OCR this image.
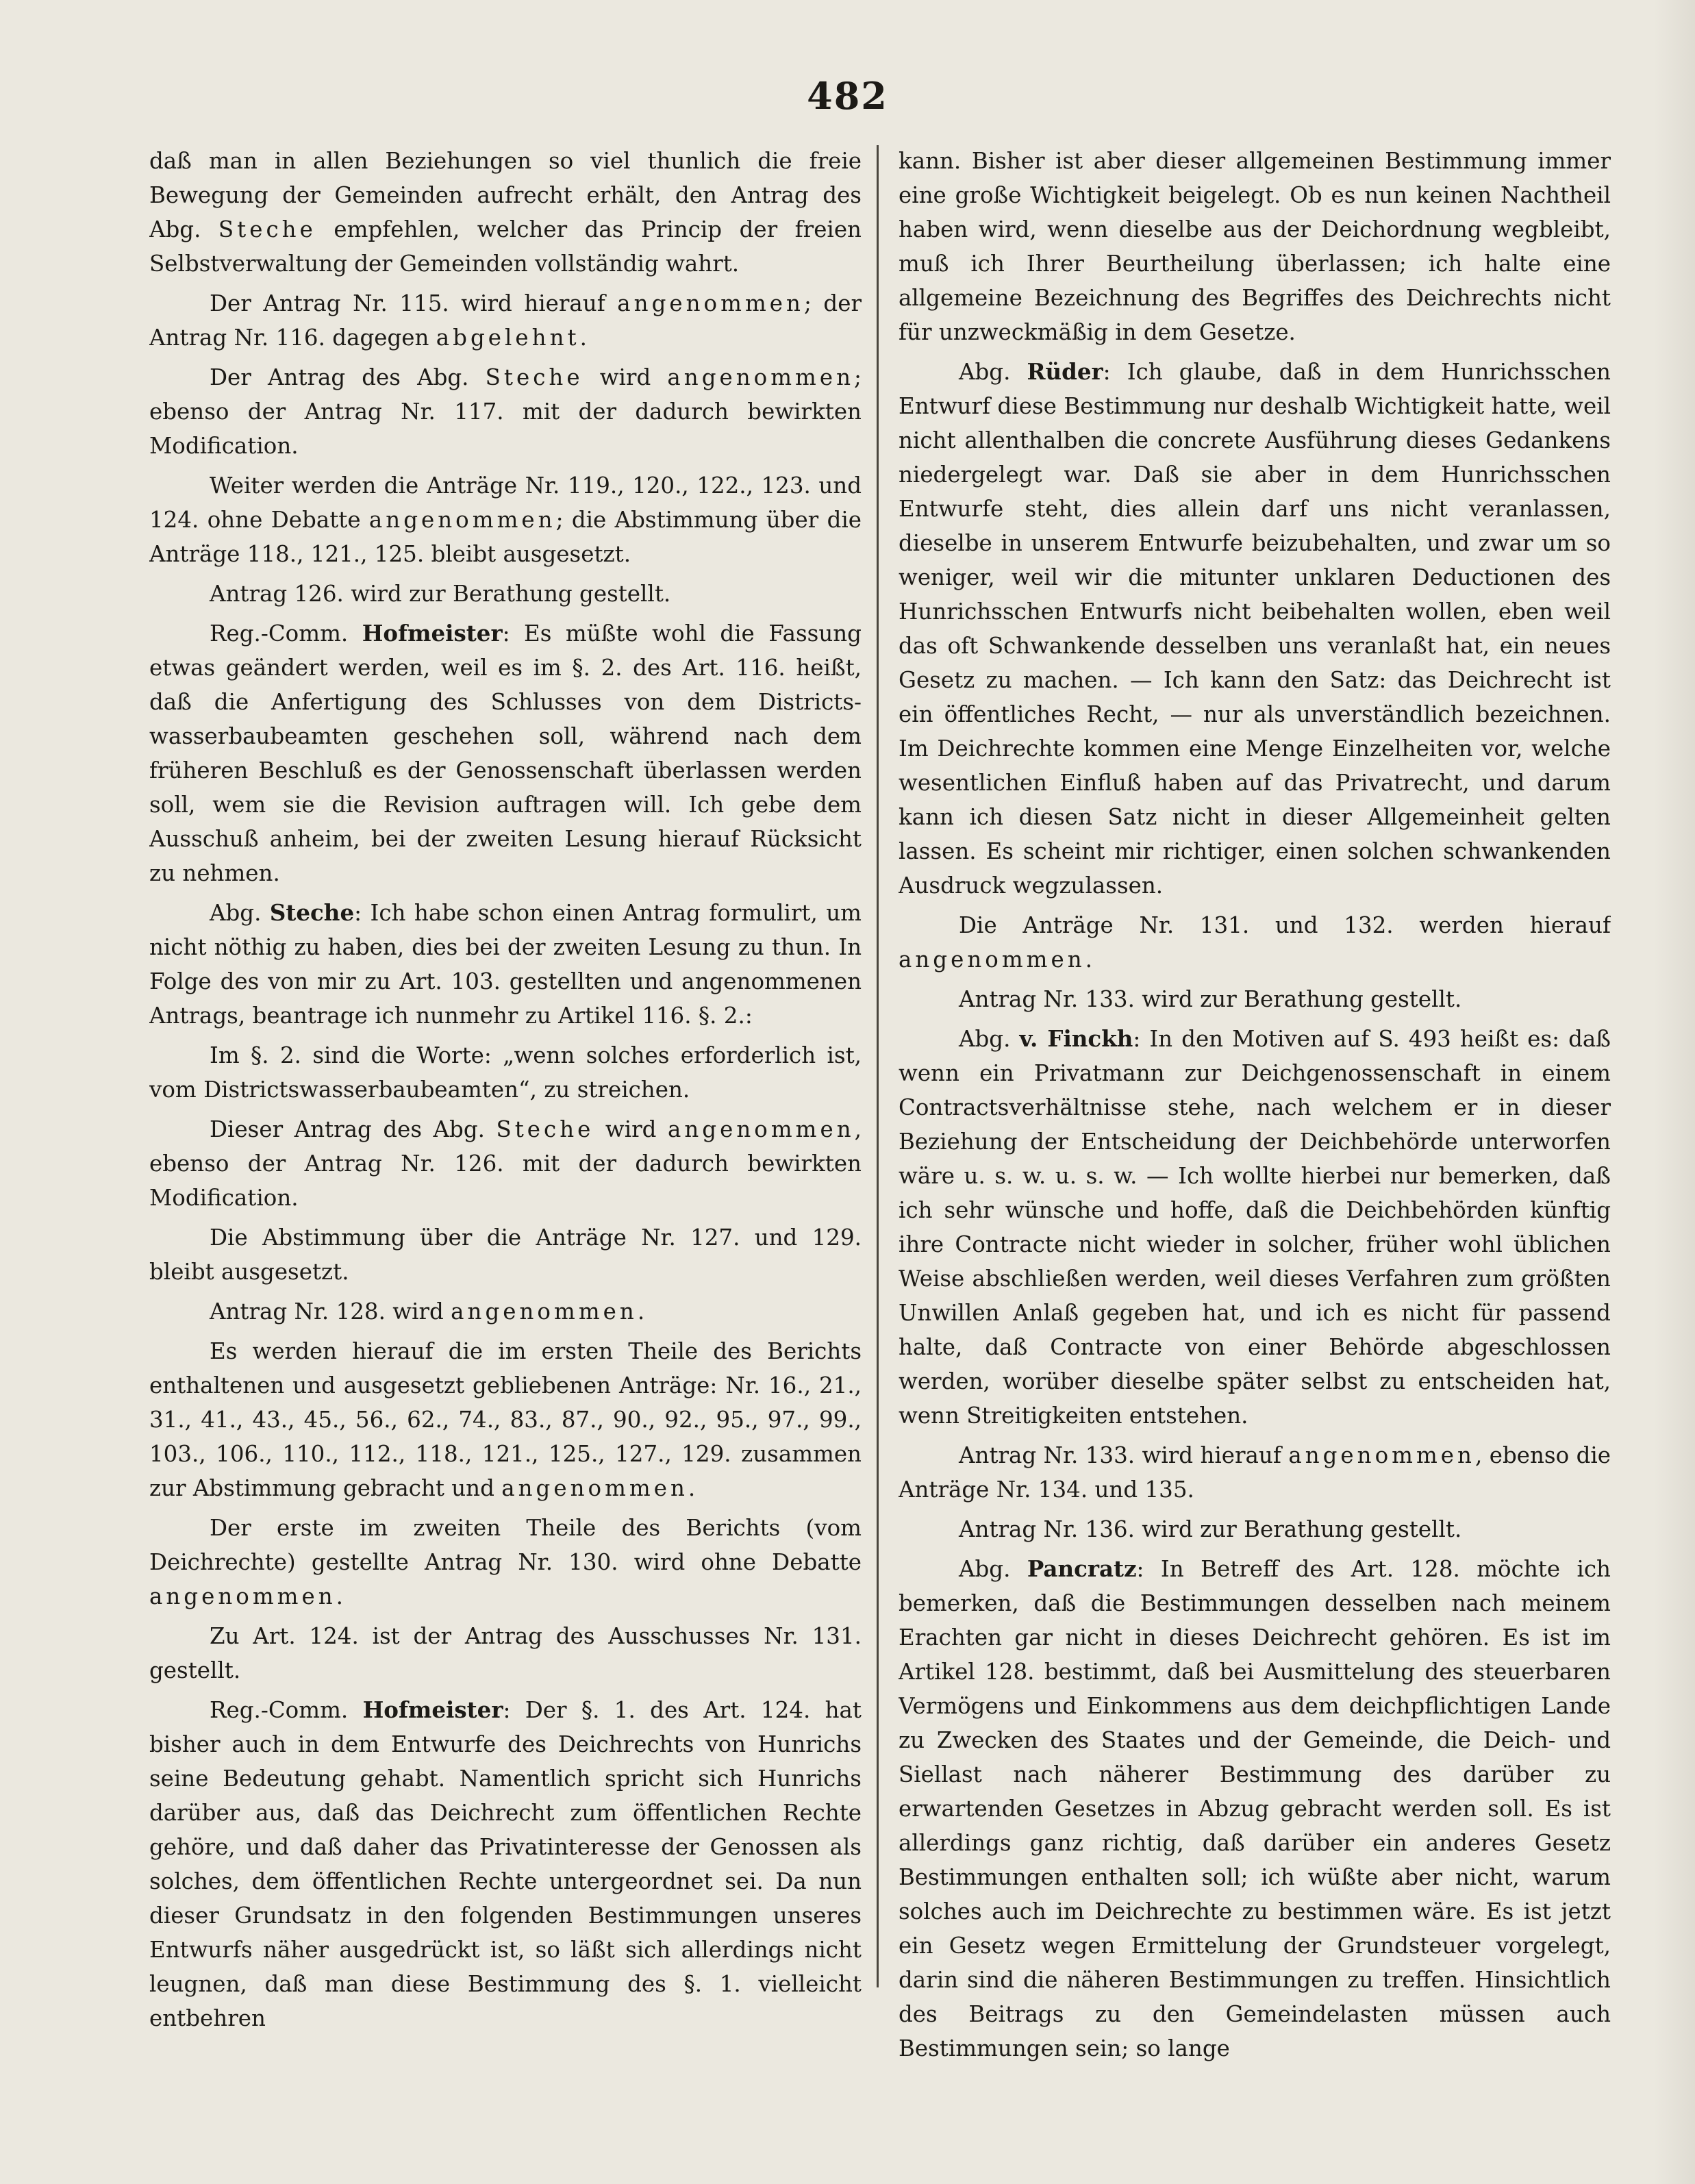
482

daß man in allen Beziehungen so viel thunlich die freie Bewegung der Gemeinden aufrecht erhält, den Antrag des Abg. Steche empfehlen, welcher das Princip der freien Selbstverwaltung der Gemeinden vollständig wahrt.

Der Antrag Nr. 115. wird hierauf angenommen; der Antrag Nr. 116. dagegen abgelehnt.

Der Antrag des Abg. Steche wird angenommen; ebenso der Antrag Nr. 117. mit der dadurch bewirkten Modification.

Weiter werden die Anträge Nr. 119., 120., 122., 123. und 124. ohne Debatte angenommen; die Abstimmung über die Anträge 118., 121., 125. bleibt ausgesetzt.

Antrag 126. wird zur Berathung gestellt.

Reg.-Comm. Hofmeister: Es müßte wohl die Fassung etwas geändert werden, weil es im §. 2. des Art. 116. heißt, daß die Anfertigung des Schlusses von dem Districts-wasserbaubeamten geschehen soll, während nach dem früheren Beschluß es der Genossenschaft überlassen werden soll, wem sie die Revision auftragen will. Ich gebe dem Ausschuß anheim, bei der zweiten Lesung hierauf Rücksicht zu nehmen.

Abg. Steche: Ich habe schon einen Antrag formulirt, um nicht nöthig zu haben, dies bei der zweiten Lesung zu thun. In Folge des von mir zu Art. 103. gestellten und angenommenen Antrags, beantrage ich nunmehr zu Artikel 116. §. 2.:

Im §. 2. sind die Worte: „wenn solches erforderlich ist, vom Districtswasserbaubeamten“, zu streichen.

Dieser Antrag des Abg. Steche wird angenommen, ebenso der Antrag Nr. 126. mit der dadurch bewirkten Modification.

Die Abstimmung über die Anträge Nr. 127. und 129. bleibt ausgesetzt.

Antrag Nr. 128. wird angenommen.

Es werden hierauf die im ersten Theile des Berichts enthaltenen und ausgesetzt gebliebenen Anträge: Nr. 16., 21., 31., 41., 43., 45., 56., 62., 74., 83., 87., 90., 92., 95., 97., 99., 103., 106., 110., 112., 118., 121., 125., 127., 129. zusammen zur Abstimmung gebracht und angenommen.

Der erste im zweiten Theile des Berichts (vom Deichrechte) gestellte Antrag Nr. 130. wird ohne Debatte angenommen.

Zu Art. 124. ist der Antrag des Ausschusses Nr. 131. gestellt.

Reg.-Comm. Hofmeister: Der §. 1. des Art. 124. hat bisher auch in dem Entwurfe des Deichrechts von Hunrichs seine Bedeutung gehabt. Namentlich spricht sich Hunrichs darüber aus, daß das Deichrecht zum öffentlichen Rechte gehöre, und daß daher das Privatinteresse der Genossen als solches, dem öffentlichen Rechte untergeordnet sei. Da nun dieser Grundsatz in den folgenden Bestimmungen unseres Entwurfs näher ausgedrückt ist, so läßt sich allerdings nicht leugnen, daß man diese Bestimmung des §. 1. vielleicht entbehren

kann. Bisher ist aber dieser allgemeinen Bestimmung immer eine große Wichtigkeit beigelegt. Ob es nun keinen Nachtheil haben wird, wenn dieselbe aus der Deichordnung wegbleibt, muß ich Ihrer Beurtheilung überlassen; ich halte eine allgemeine Bezeichnung des Begriffes des Deichrechts nicht für unzweckmäßig in dem Gesetze.

Abg. Rüder: Ich glaube, daß in dem Hunrichsschen Entwurf diese Bestimmung nur deshalb Wichtigkeit hatte, weil nicht allenthalben die concrete Ausführung dieses Gedankens niedergelegt war. Daß sie aber in dem Hunrichsschen Entwurfe steht, dies allein darf uns nicht veranlassen, dieselbe in unserem Entwurfe beizubehalten, und zwar um so weniger, weil wir die mitunter unklaren Deductionen des Hunrichsschen Entwurfs nicht beibehalten wollen, eben weil das oft Schwankende desselben uns veranlaßt hat, ein neues Gesetz zu machen. — Ich kann den Satz: das Deichrecht ist ein öffentliches Recht, — nur als unverständlich bezeichnen. Im Deichrechte kommen eine Menge Einzelheiten vor, welche wesentlichen Einfluß haben auf das Privatrecht, und darum kann ich diesen Satz nicht in dieser Allgemeinheit gelten lassen. Es scheint mir richtiger, einen solchen schwankenden Ausdruck wegzulassen.

Die Anträge Nr. 131. und 132. werden hierauf angenommen.

Antrag Nr. 133. wird zur Berathung gestellt.

Abg. v. Finckh: In den Motiven auf S. 493 heißt es: daß wenn ein Privatmann zur Deichgenossenschaft in einem Contractsverhältnisse stehe, nach welchem er in dieser Beziehung der Entscheidung der Deichbehörde unterworfen wäre u. s. w. u. s. w. — Ich wollte hierbei nur bemerken, daß ich sehr wünsche und hoffe, daß die Deichbehörden künftig ihre Contracte nicht wieder in solcher, früher wohl üblichen Weise abschließen werden, weil dieses Verfahren zum größten Unwillen Anlaß gegeben hat, und ich es nicht für passend halte, daß Contracte von einer Behörde abgeschlossen werden, worüber dieselbe später selbst zu entscheiden hat, wenn Streitigkeiten entstehen.

Antrag Nr. 133. wird hierauf angenommen, ebenso die Anträge Nr. 134. und 135.

Antrag Nr. 136. wird zur Berathung gestellt.

Abg. Pancratz: In Betreff des Art. 128. möchte ich bemerken, daß die Bestimmungen desselben nach meinem Erachten gar nicht in dieses Deichrecht gehören. Es ist im Artikel 128. bestimmt, daß bei Ausmittelung des steuerbaren Vermögens und Einkommens aus dem deichpflichtigen Lande zu Zwecken des Staates und der Gemeinde, die Deich- und Siellast nach näherer Bestimmung des darüber zu erwartenden Gesetzes in Abzug gebracht werden soll. Es ist allerdings ganz richtig, daß darüber ein anderes Gesetz Bestimmungen enthalten soll; ich wüßte aber nicht, warum solches auch im Deichrechte zu bestimmen wäre. Es ist jetzt ein Gesetz wegen Ermittelung der Grundsteuer vorgelegt, darin sind die näheren Bestimmungen zu treffen. Hinsichtlich des Beitrags zu den Gemeindelasten müssen auch Bestimmungen sein; so lange
